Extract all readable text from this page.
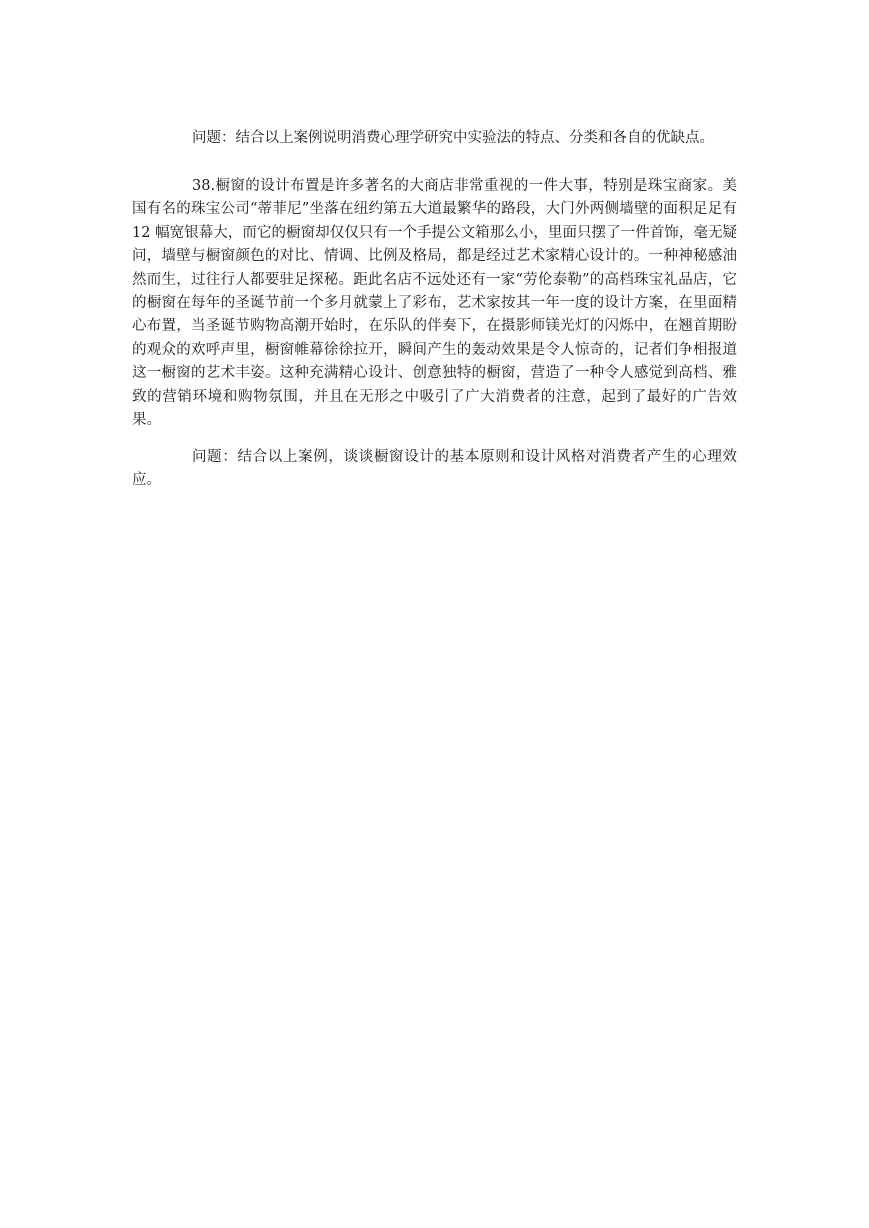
问题：结合以上案例说明消费心理学研究中实验法的特点、分类和各自的优缺点。

38.橱窗的设计布置是许多著名的大商店非常重视的一件大事，特别是珠宝商家。美国有名的珠宝公司“蒂菲尼”坐落在纽约第五大道最繁华的路段，大门外两侧墙壁的面积足足有 12 幅宽银幕大，而它的橱窗却仅仅只有一个手提公文箱那么小，里面只摆了一件首饰，毫无疑问，墙壁与橱窗颜色的对比、情调、比例及格局，都是经过艺术家精心设计的。一种神秘感油然而生，过往行人都要驻足探秘。距此名店不远处还有一家“劳伦泰勒”的高档珠宝礼品店，它的橱窗在每年的圣诞节前一个多月就蒙上了彩布，艺术家按其一年一度的设计方案，在里面精心布置，当圣诞节购物高潮开始时，在乐队的伴奏下，在摄影师镁光灯的闪烁中，在翘首期盼的观众的欢呼声里，橱窗帷幕徐徐拉开，瞬间产生的轰动效果是令人惊奇的，记者们争相报道这一橱窗的艺术丰姿。这种充满精心设计、创意独特的橱窗，营造了一种令人感觉到高档、雅致的营销环境和购物氛围，并且在无形之中吸引了广大消费者的注意，起到了最好的广告效果。

问题：结合以上案例，谈谈橱窗设计的基本原则和设计风格对消费者产生的心理效应。
